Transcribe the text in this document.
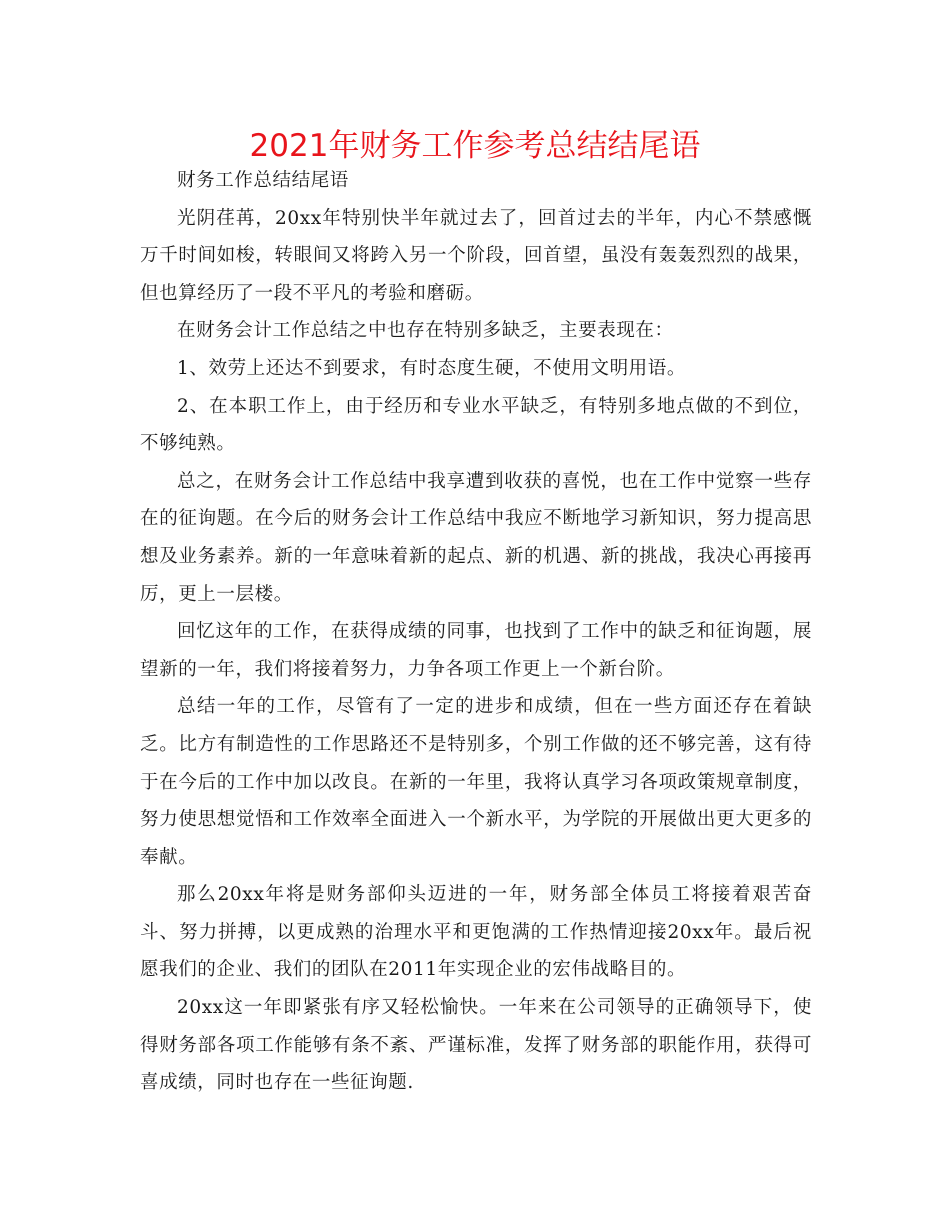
2021年财务工作参考总结结尾语

财务工作总结结尾语

光阴荏苒，20xx年特别快半年就过去了，回首过去的半年，内心不禁感慨万千时间如梭，转眼间又将跨入另一个阶段，回首望，虽没有轰轰烈烈的战果，但也算经历了一段不平凡的考验和磨砺。

在财务会计工作总结之中也存在特别多缺乏，主要表现在：

1、效劳上还达不到要求，有时态度生硬，不使用文明用语。

2、在本职工作上，由于经历和专业水平缺乏，有特别多地点做的不到位，不够纯熟。

总之，在财务会计工作总结中我享遭到收获的喜悦，也在工作中觉察一些存在的征询题。在今后的财务会计工作总结中我应不断地学习新知识，努力提高思想及业务素养。新的一年意味着新的起点、新的机遇、新的挑战，我决心再接再厉，更上一层楼。

回忆这年的工作，在获得成绩的同事，也找到了工作中的缺乏和征询题，展望新的一年，我们将接着努力，力争各项工作更上一个新台阶。

总结一年的工作，尽管有了一定的进步和成绩，但在一些方面还存在着缺乏。比方有制造性的工作思路还不是特别多，个别工作做的还不够完善，这有待于在今后的工作中加以改良。在新的一年里，我将认真学习各项政策规章制度，努力使思想觉悟和工作效率全面进入一个新水平，为学院的开展做出更大更多的奉献。

那么20xx年将是财务部仰头迈进的一年，财务部全体员工将接着艰苦奋斗、努力拼搏，以更成熟的治理水平和更饱满的工作热情迎接20xx年。最后祝愿我们的企业、我们的团队在2011年实现企业的宏伟战略目的。

20xx这一年即紧张有序又轻松愉快。一年来在公司领导的正确领导下，使得财务部各项工作能够有条不紊、严谨标准，发挥了财务部的职能作用，获得可喜成绩，同时也存在一些征询题.
